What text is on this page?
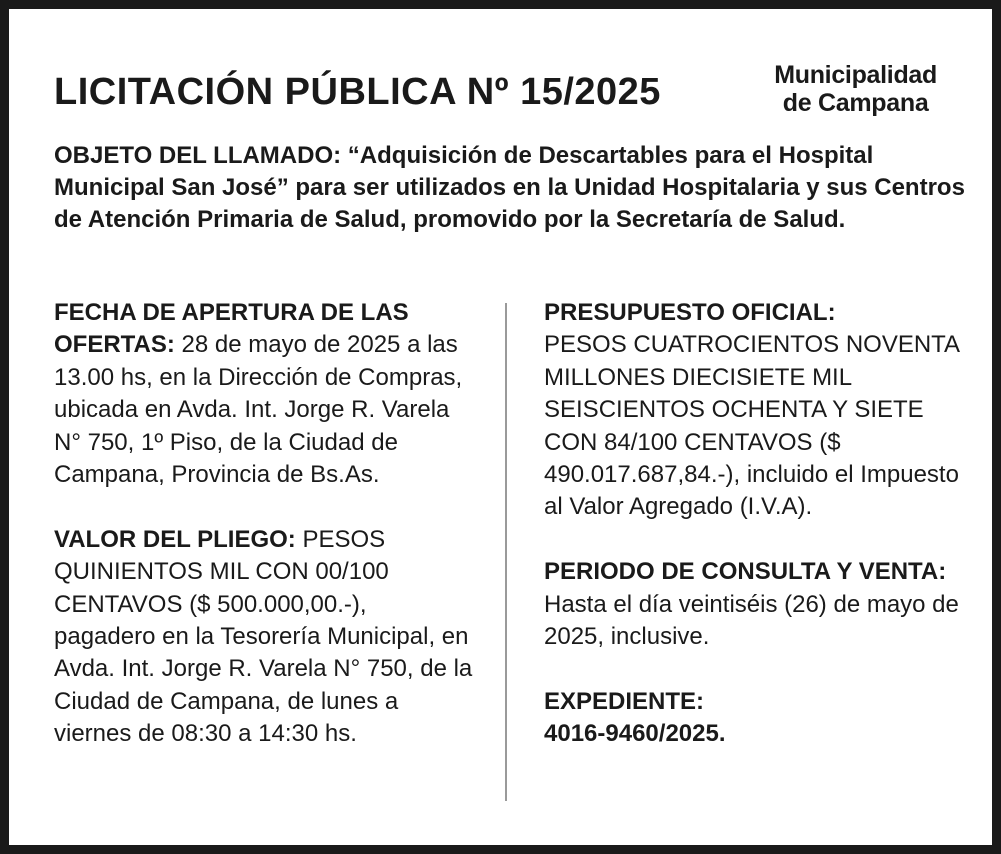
LICITACIÓN PÚBLICA Nº 15/2025	Municipalidad
de Campana

OBJETO DEL LLAMADO: “Adquisición de Descartables para el Hospital Municipal San José” para ser utilizados en la Unidad Hospitalaria y sus Centros de Atención Primaria de Salud, promovido por la Secretaría de Salud.

FECHA DE APERTURA DE LAS OFERTAS: 28 de mayo de 2025 a las 13.00 hs, en la Dirección de Compras, ubicada en Avda. Int. Jorge R. Varela N° 750, 1º Piso, de la Ciudad de Campana, Provincia de Bs.As.

VALOR DEL PLIEGO: PESOS QUINIENTOS MIL CON 00/100 CENTAVOS ($ 500.000,00.-), pagadero en la Tesorería Municipal, en Avda. Int. Jorge R. Varela N° 750, de la Ciudad de Campana, de lunes a viernes de 08:30 a 14:30 hs.

PRESUPUESTO OFICIAL:
PESOS CUATROCIENTOS NOVENTA MILLONES DIECISIETE MIL SEISCIENTOS OCHENTA Y SIETE CON 84/100 CENTAVOS ($ 490.017.687,84.-), incluido el Impuesto al Valor Agregado (I.V.A).

PERIODO DE CONSULTA Y VENTA: Hasta el día veintiséis (26) de mayo de 2025, inclusive.

EXPEDIENTE:
4016-9460/2025.
